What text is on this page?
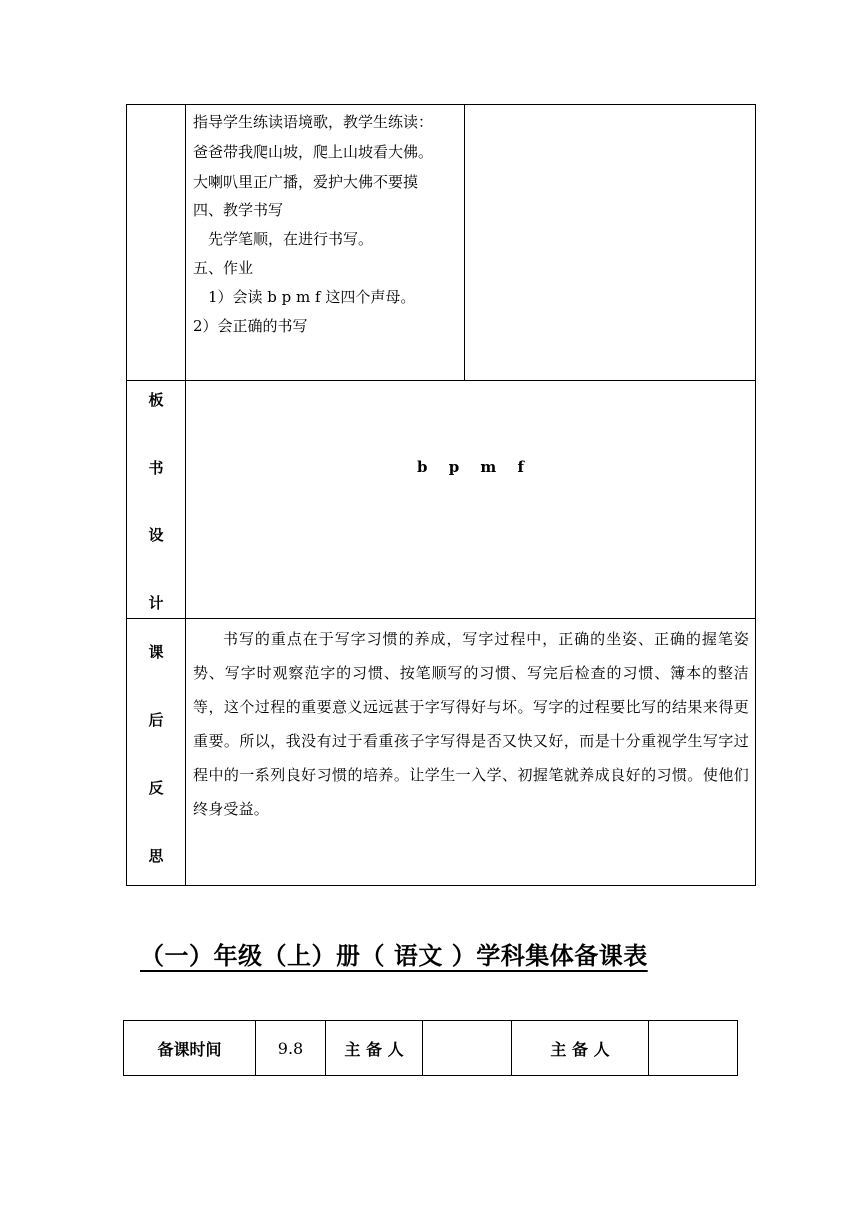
指导学生练读语境歌，教学生练读：
爸爸带我爬山坡，爬上山坡看大佛。
大喇叭里正广播，爱护大佛不要摸
四、教学书写
　先学笔顺，在进行书写。
五、作业
　1）会读 b p m f 这四个声母。
2）会正确的书写
板
书
设
计
b p m f
课
后
反
思
书写的重点在于写字习惯的养成，写字过程中，正确的坐姿、正确的握笔姿势、写字时观察范字的习惯、按笔顺写的习惯、写完后检查的习惯、簿本的整洁等，这个过程的重要意义远远甚于字写得好与坏。写字的过程要比写的结果来得更重要。所以，我没有过于看重孩子字写得是否又快又好，而是十分重视学生写字过程中的一系列良好习惯的培养。让学生一入学、初握笔就养成良好的习惯。使他们终身受益。
（一）年级（上）册（ 语文 ）学科集体备课表
备课时间	9.8	主 备 人	主 备 人
